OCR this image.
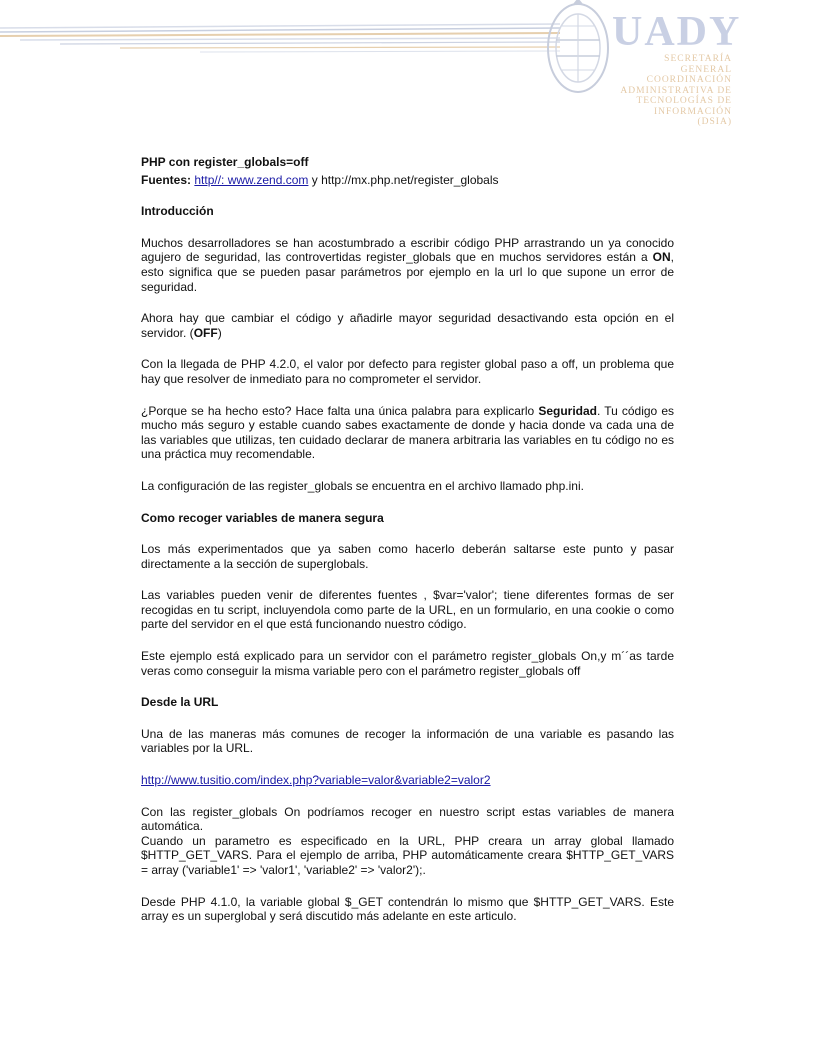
UADY
SECRETARÍA
GENERAL
COORDINACIÓN
ADMINISTRATIVA DE
TECNOLOGÍAS DE
INFORMACIÓN
(DSIA)

PHP con register_globals=off

Fuentes: http//: www.zend.com y http://mx.php.net/register_globals

Introducción

Muchos desarrolladores se han acostumbrado a escribir código PHP arrastrando un ya conocido agujero de seguridad, las controvertidas register_globals que en muchos servidores están a ON, esto significa que se pueden pasar parámetros por ejemplo en la url lo que supone un error de seguridad.

Ahora hay que cambiar el código y añadirle mayor seguridad desactivando esta opción en el servidor. (OFF)

Con la llegada de PHP 4.2.0, el valor por defecto para register global paso a off, un problema que hay que resolver de inmediato para no comprometer el servidor.

¿Porque se ha hecho esto? Hace falta una única palabra para explicarlo Seguridad. Tu código es mucho más seguro y estable cuando sabes exactamente de donde y hacia donde va cada una de las variables que utilizas, ten cuidado declarar de manera arbitraria las variables en tu código no es una práctica muy recomendable.

La configuración de las register_globals se encuentra en el archivo llamado php.ini.

Como recoger variables de manera segura

Los más experimentados que ya saben como hacerlo deberán saltarse este punto y pasar directamente a la sección de superglobals.

Las variables pueden venir de diferentes fuentes , $var='valor'; tiene diferentes formas de ser recogidas en tu script, incluyendola como parte de la URL, en un formulario, en una cookie o como parte del servidor en el que está funcionando nuestro código.

Este ejemplo está explicado para un servidor con el parámetro register_globals On,y m´´as tarde veras como conseguir la misma variable pero con el parámetro register_globals off

Desde la URL

Una de las maneras más comunes de recoger la información de una variable es pasando las variables por la URL.

http://www.tusitio.com/index.php?variable=valor&variable2=valor2

Con las register_globals On podríamos recoger en nuestro script estas variables de manera automática.

Cuando un parametro es especificado en la URL, PHP creara un array global llamado $HTTP_GET_VARS. Para el ejemplo de arriba, PHP automáticamente creara $HTTP_GET_VARS = array ('variable1' => 'valor1', 'variable2' => 'valor2');.

Desde PHP 4.1.0, la variable global $_GET contendrán lo mismo que $HTTP_GET_VARS. Este array es un superglobal y será discutido más adelante en este articulo.
